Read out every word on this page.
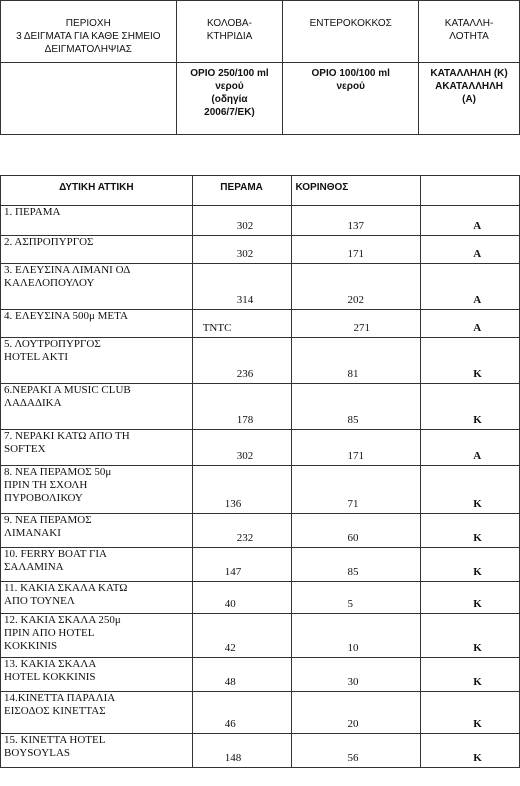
ΠΕΡΙΟΧΗ
3 ΔΕΙΓΜΑΤΑ ΓΙΑ ΚΑΘΕ ΣΗΜΕΙΟ
ΔΕΙΓΜΑΤΟΛΗΨΙΑΣ	ΚΟΛΟΒΑ-
ΚΤΗΡΙΔΙΑ	ΕΝΤΕΡΟΚΟΚΚΟΣ	ΚΑΤΑΛΛΗ-
ΛΟΤΗΤΑ
	ΟΡΙΟ 250/100 ml
νερού
(οδηγία
2006/7/ΕΚ)	ΟΡΙΟ 100/100 ml
νερού	ΚΑΤΑΛΛΗΛΗ (Κ)
ΑΚΑΤΑΛΛΗΛΗ
(Α)
ΔΥΤΙΚΗ ΑΤΤΙΚΗ	ΠΕΡΑΜΑ	ΚΟΡΙΝΘΟΣ	
1. ΠΕΡΑΜΑ	302	137	Α

2. ΑΣΠΡΟΠΥΡΓΟΣ	302	171	Α

3. ΕΛΕΥΣΙΝΑ ΛΙΜΑΝΙ ΟΔ
ΚΑΛΕΛΟΠΟΥΛΟΥ	314	202	Α

4. ΕΛΕΥΣΙΝΑ 500μ ΜΕΤΑ	TNTC	271	Α

5. ΛΟΥΤΡΟΠΥΡΓΟΣ
HOTEL AKTI	236	81	Κ

6.ΝΕΡΑΚΙ Α MUSIC CLUB
ΛΑΔΑΔΙΚΑ	178	85	Κ

7. ΝΕΡΑΚΙ ΚΑΤΩ ΑΠΟ ΤΗ
SOFTEX	302	171	Α

8. ΝΕΑ ΠΕΡΑΜΟΣ 50μ
ΠΡΙΝ ΤΗ ΣΧΟΛΗ
ΠΥΡΟΒΟΛΙΚΟΥ	136	71	Κ

9. ΝΕΑ ΠΕΡΑΜΟΣ
ΛΙΜΑΝΑΚΙ	232	60	Κ

10. FERRY BOAT ΓΙΑ
ΣΑΛΑΜΙΝΑ	147	85	Κ

11. ΚΑΚΙΑ ΣΚΑΛΑ ΚΑΤΩ
ΑΠΟ ΤΟΥΝΕΛ	40	5	Κ

12. ΚΑΚΙΑ ΣΚΑΛΑ 250μ
ΠΡΙΝ ΑΠΟ HOTEL
KOKKINIS	42	10	Κ

13. ΚΑΚΙΑ ΣΚΑΛΑ
HOTEL KOKKINIS	48	30	Κ

14.ΚΙΝΕΤΤΑ ΠΑΡΑΛΙΑ
ΕΙΣΟΔΟΣ ΚΙΝΕΤΤΑΣ	46	20	Κ

15. ΚΙΝΕΤΤΑ HOTEL
BOYSOYLAS	148	56	Κ
